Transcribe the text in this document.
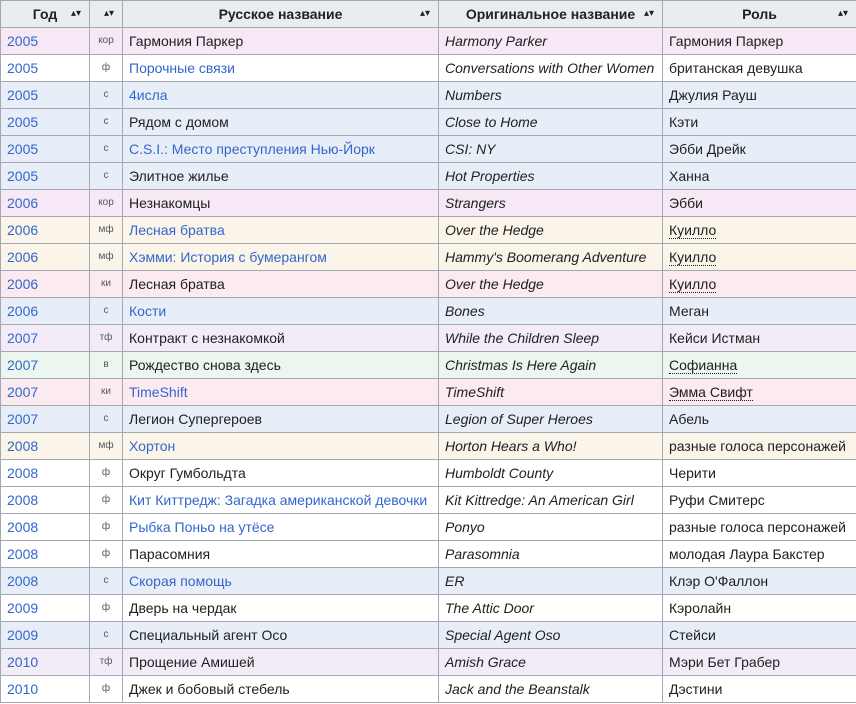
Год ▴▾	▴▾	Русское название ▴▾	Оригинальное название ▴▾	Роль ▴▾

2005	кор	Гармония Паркер	Harmony Parker	Гармония Паркер
2005	ф	Порочные связи	Conversations with Other Women	британская девушка
2005	с	4исла	Numbers	Джулия Рауш
2005	с	Рядом с домом	Close to Home	Кэти
2005	с	C.S.I.: Место преступления Нью-Йорк	CSI: NY	Эбби Дрейк
2005	с	Элитное жилье	Hot Properties	Ханна
2006	кор	Незнакомцы	Strangers	Эбби
2006	мф	Лесная братва	Over the Hedge	Куилло
2006	мф	Хэмми: История с бумерангом	Hammy's Boomerang Adventure	Куилло
2006	ки	Лесная братва	Over the Hedge	Куилло
2006	с	Кости	Bones	Меган
2007	тф	Контракт с незнакомкой	While the Children Sleep	Кейси Истман
2007	в	Рождество снова здесь	Christmas Is Here Again	Софианна
2007	ки	TimeShift	TimeShift	Эмма Свифт
2007	с	Легион Супергероев	Legion of Super Heroes	Абель
2008	мф	Хортон	Horton Hears a Who!	разные голоса персонажей
2008	ф	Округ Гумбольдта	Humboldt County	Черити
2008	ф	Кит Киттредж: Загадка американской девочки	Kit Kittredge: An American Girl	Руфи Смитерс
2008	ф	Рыбка Поньо на утёсе	Ponyo	разные голоса персонажей
2008	ф	Парасомния	Parasomnia	молодая Лаура Бакстер
2008	с	Скорая помощь	ER	Клэр О'Фаллон
2009	ф	Дверь на чердак	The Attic Door	Кэролайн
2009	с	Специальный агент Осо	Special Agent Oso	Стейси
2010	тф	Прощение Амишей	Amish Grace	Мэри Бет Грабер
2010	ф	Джек и бобовый стебель	Jack and the Beanstalk	Дэстини
